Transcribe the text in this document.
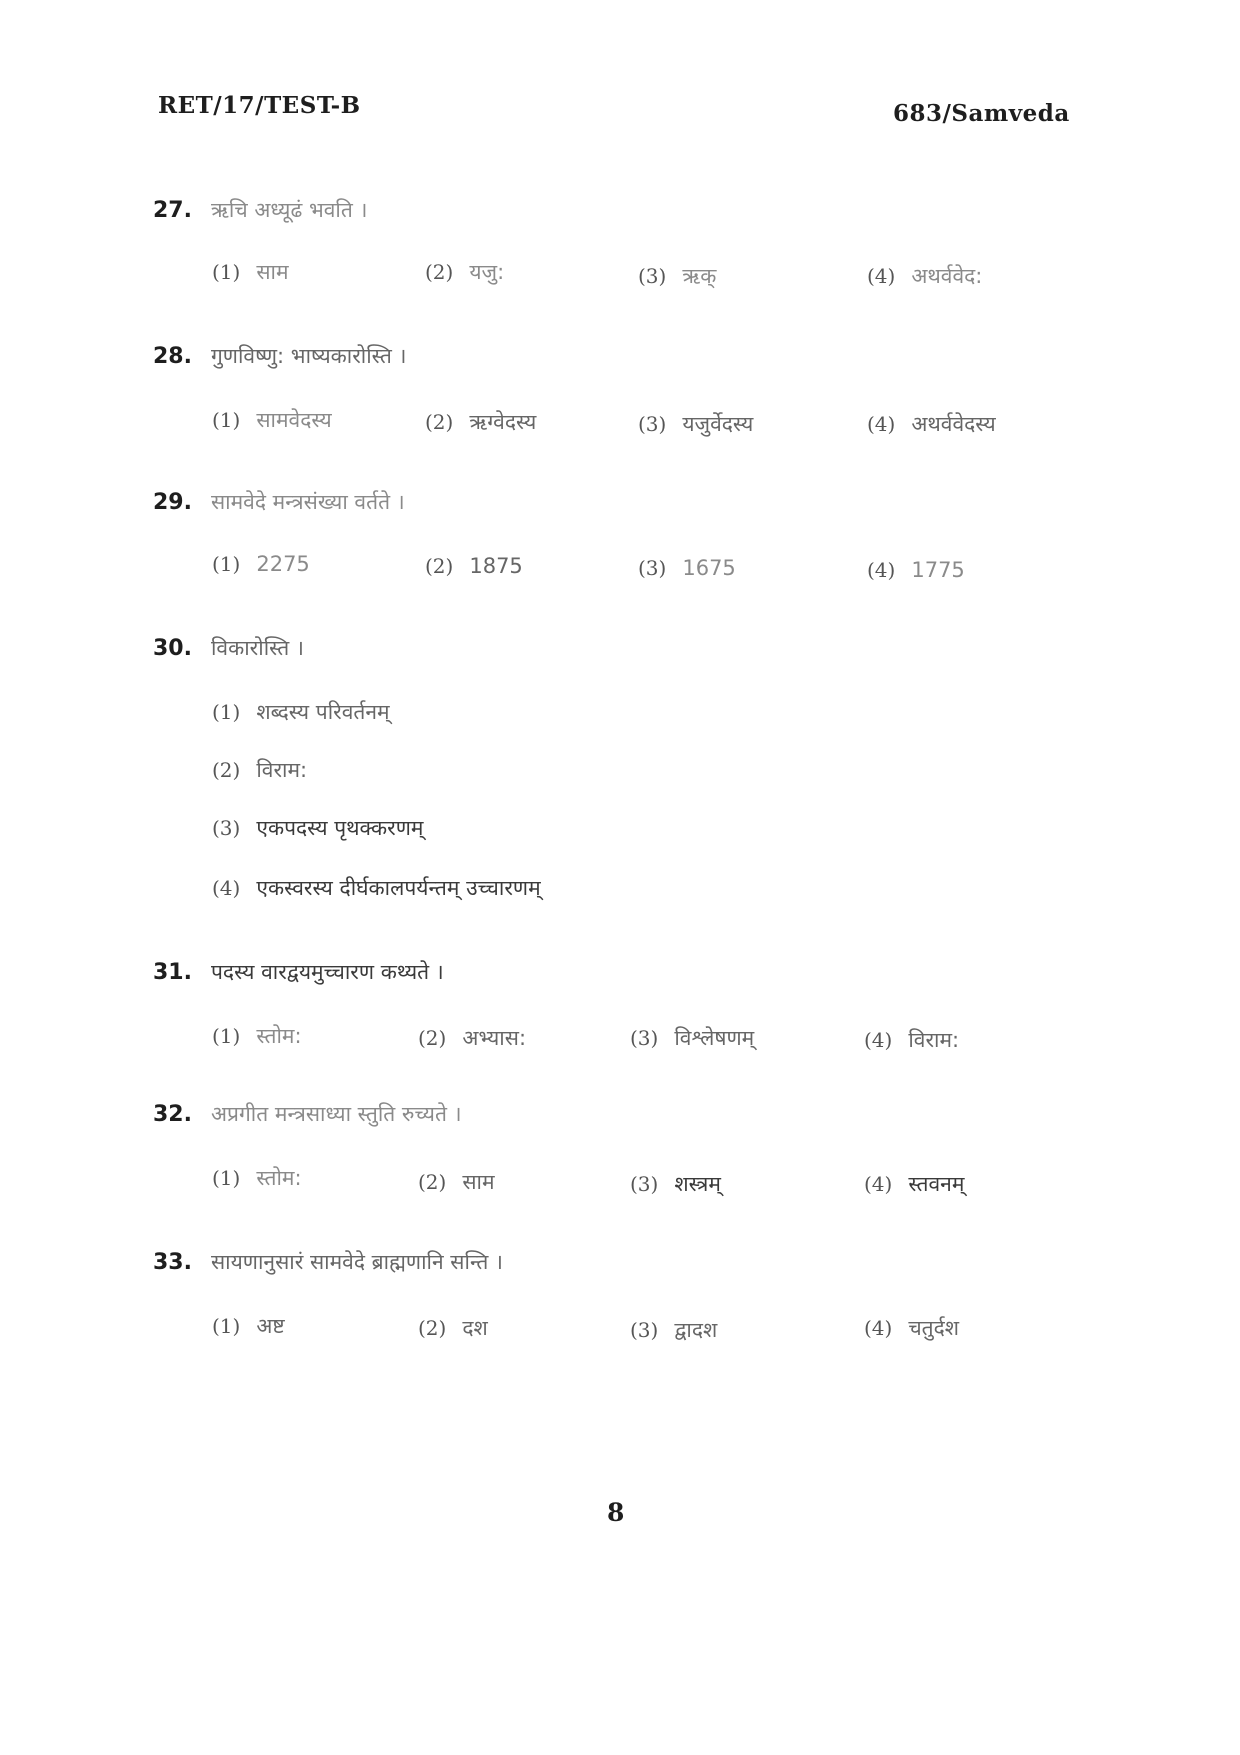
RET/17/TEST-B	683/Samveda
27. ऋचि अध्यूढं भवति ।
(1) साम	(2) यजु:	(3) ऋक्	(4) अथर्ववेद:
28. गुणविष्णु: भाष्यकारोस्ति ।
(1) सामवेदस्य	(2) ऋग्वेदस्य	(3) यजुर्वेदस्य	(4) अथर्ववेदस्य
29. सामवेदे मन्त्रसंख्या वर्तते ।
(1) 2275	(2) 1875	(3) 1675	(4) 1775
30. विकारोस्ति ।
(1) शब्दस्य परिवर्तनम्
(2) विराम:
(3) एकपदस्य पृथक्करणम्
(4) एकस्वरस्य दीर्घकालपर्यन्तम् उच्चारणम्
31. पदस्य वारद्वयमुच्चारण कथ्यते ।
(1) स्तोम:	(2) अभ्यास:	(3) विश्लेषणम्	(4) विराम:
32. अप्रगीत मन्त्रसाध्या स्तुति रुच्यते ।
(1) स्तोम:	(2) साम	(3) शस्त्रम्	(4) स्तवनम्
33. सायणानुसारं सामवेदे ब्राह्मणानि सन्ति ।
(1) अष्ट	(2) दश	(3) द्वादश	(4) चतुर्दश
8
